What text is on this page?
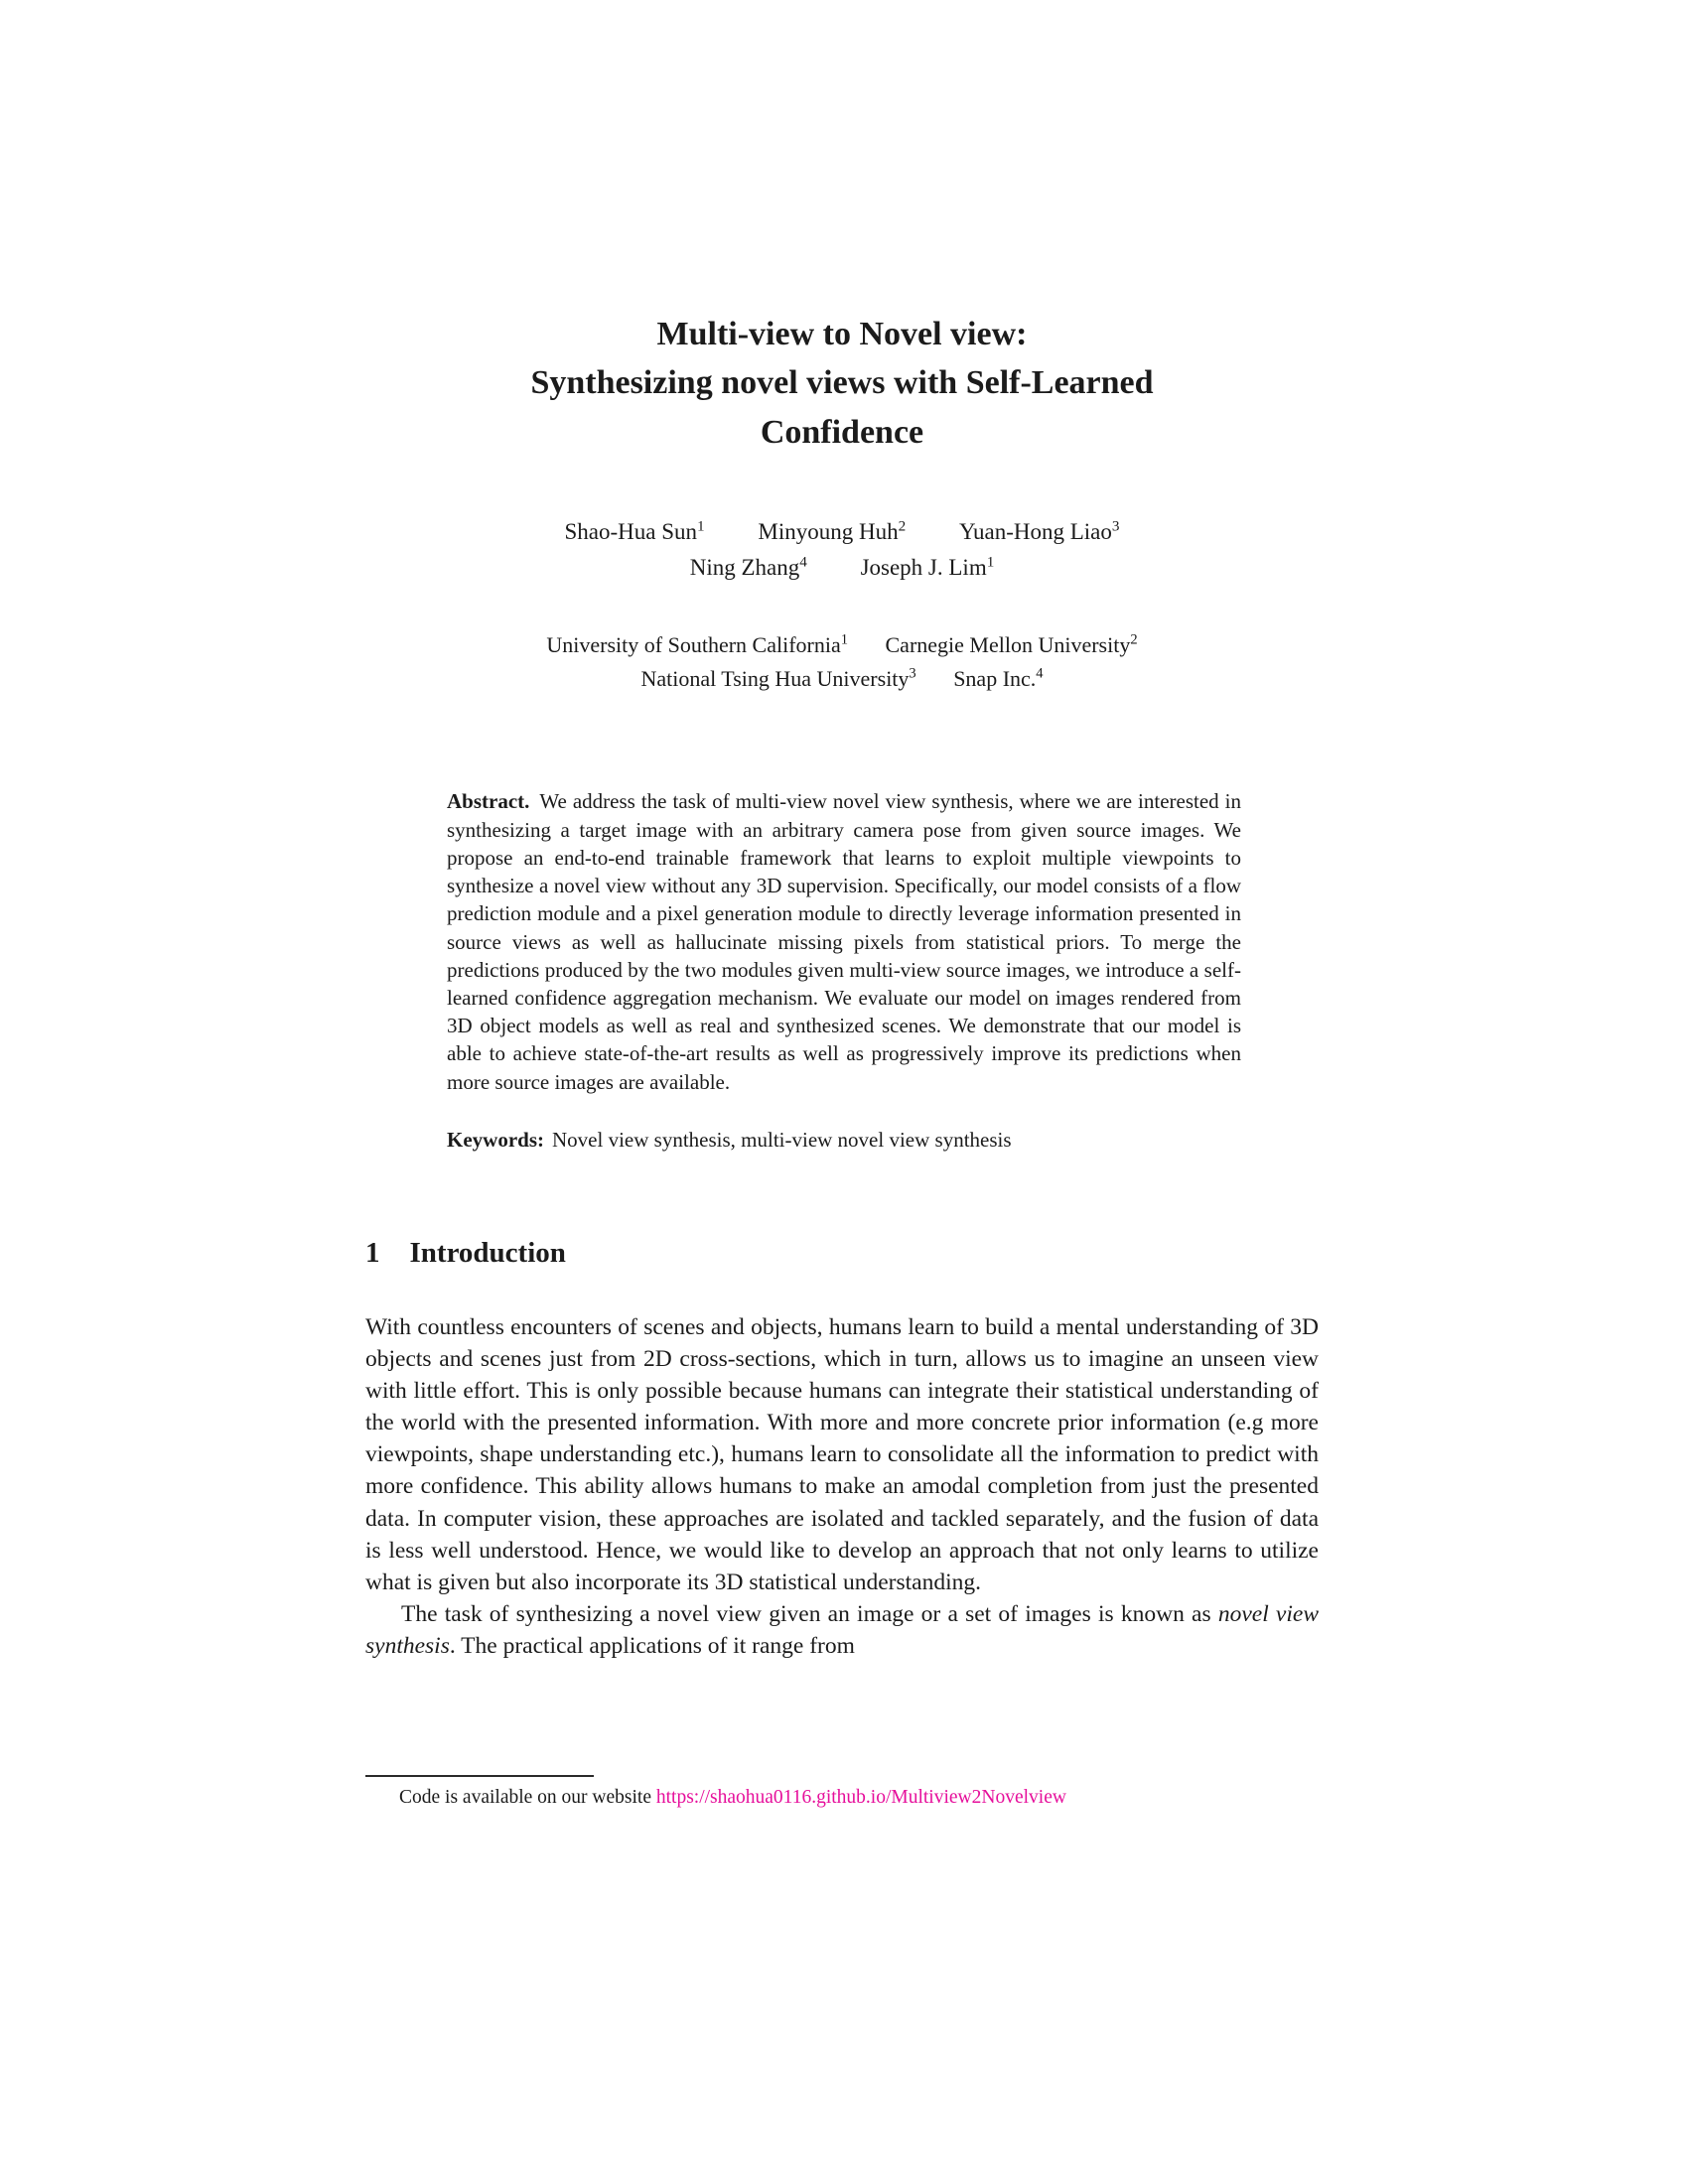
Multi-view to Novel view:
Synthesizing novel views with Self-Learned
Confidence
Shao-Hua Sun$^1$ Minyoung Huh$^2$ Yuan-Hong Liao$^3$
Ning Zhang$^4$ Joseph J. Lim$^1$
University of Southern California$^1$ Carnegie Mellon University$^2$
National Tsing Hua University$^3$ Snap Inc.$^4$
Abstract. We address the task of multi-view novel view synthesis, where we are interested in synthesizing a target image with an arbitrary camera pose from given source images. We propose an end-to-end trainable framework that learns to exploit multiple viewpoints to synthesize a novel view without any 3D supervision. Specifically, our model consists of a flow prediction module and a pixel generation module to directly leverage information presented in source views as well as hallucinate missing pixels from statistical priors. To merge the predictions produced by the two modules given multi-view source images, we introduce a self-learned confidence aggregation mechanism. We evaluate our model on images rendered from 3D object models as well as real and synthesized scenes. We demonstrate that our model is able to achieve state-of-the-art results as well as progressively improve its predictions when more source images are available.
Keywords: Novel view synthesis, multi-view novel view synthesis
1 Introduction
With countless encounters of scenes and objects, humans learn to build a mental understanding of 3D objects and scenes just from 2D cross-sections, which in turn, allows us to imagine an unseen view with little effort. This is only possible because humans can integrate their statistical understanding of the world with the presented information. With more and more concrete prior information (e.g more viewpoints, shape understanding etc.), humans learn to consolidate all the information to predict with more confidence. This ability allows humans to make an amodal completion from just the presented data. In computer vision, these approaches are isolated and tackled separately, and the fusion of data is less well understood. Hence, we would like to develop an approach that not only learns to utilize what is given but also incorporate its 3D statistical understanding.
The task of synthesizing a novel view given an image or a set of images is known as novel view synthesis. The practical applications of it range from
Code is available on our website https://shaohua0116.github.io/Multiview2Novelview
